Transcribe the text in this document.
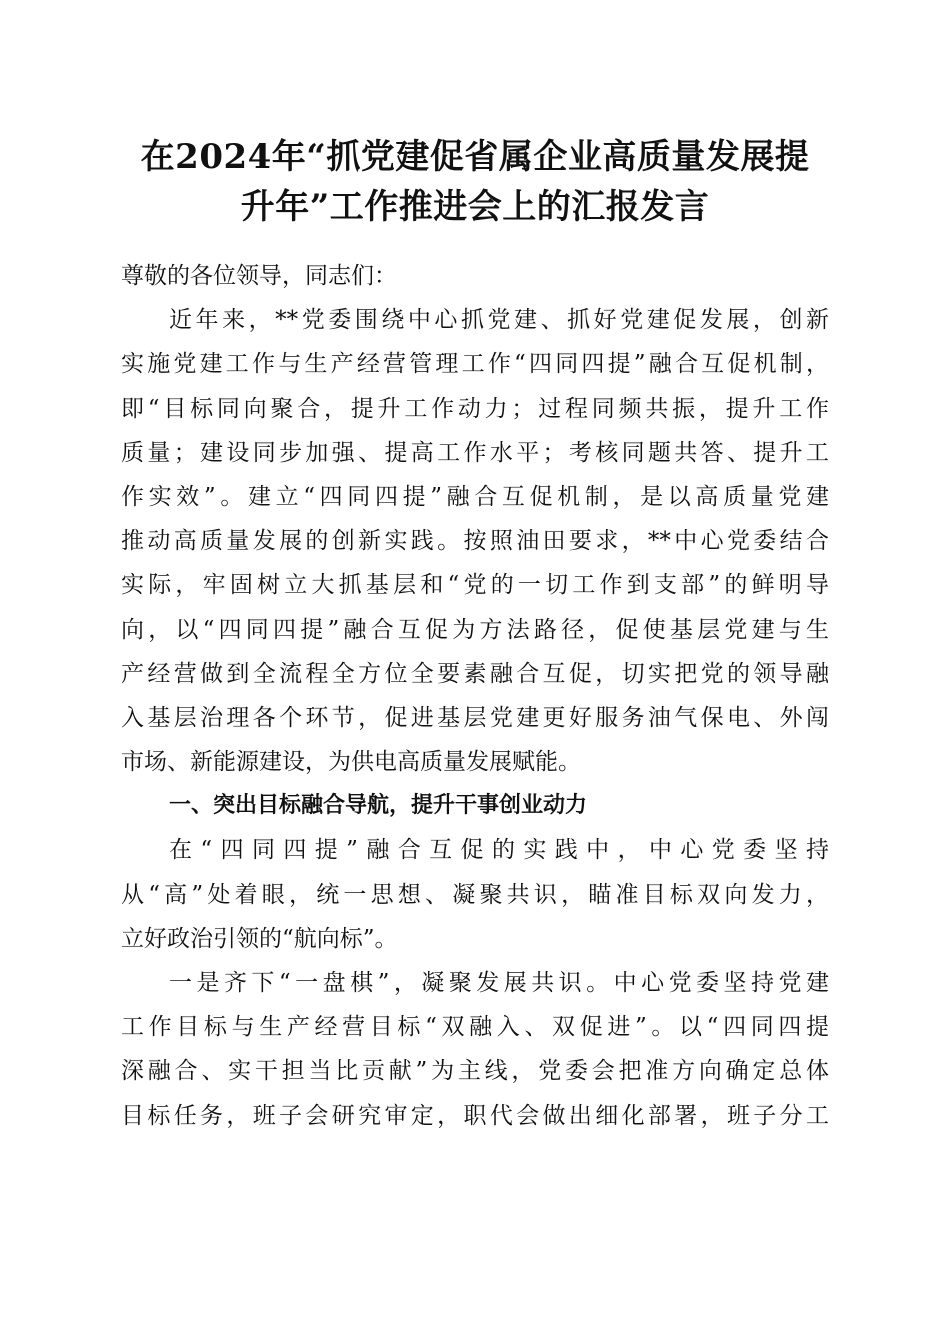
在2024年“抓党建促省属企业高质量发展提
升年”工作推进会上的汇报发言
尊敬的各位领导，同志们：
近年来，**党委围绕中心抓党建、抓好党建促发展，创新
实施党建工作与生产经营管理工作“四同四提”融合互促机制，
即“目标同向聚合，提升工作动力；过程同频共振，提升工作
质量；建设同步加强、提高工作水平；考核同题共答、提升工
作实效”。建立“四同四提”融合互促机制，是以高质量党建
推动高质量发展的创新实践。按照油田要求，**中心党委结合
实际，牢固树立大抓基层和“党的一切工作到支部”的鲜明导
向，以“四同四提”融合互促为方法路径，促使基层党建与生
产经营做到全流程全方位全要素融合互促，切实把党的领导融
入基层治理各个环节，促进基层党建更好服务油气保电、外闯
市场、新能源建设，为供电高质量发展赋能。
一、突出目标融合导航，提升干事创业动力
在“四同四提”融合互促的实践中，中心党委坚持
从“高”处着眼，统一思想、凝聚共识，瞄准目标双向发力，
立好政治引领的“航向标”。
一是齐下“一盘棋”，凝聚发展共识。中心党委坚持党建
工作目标与生产经营目标“双融入、双促进”。以“四同四提
深融合、实干担当比贡献”为主线，党委会把准方向确定总体
目标任务，班子会研究审定，职代会做出细化部署，班子分工
